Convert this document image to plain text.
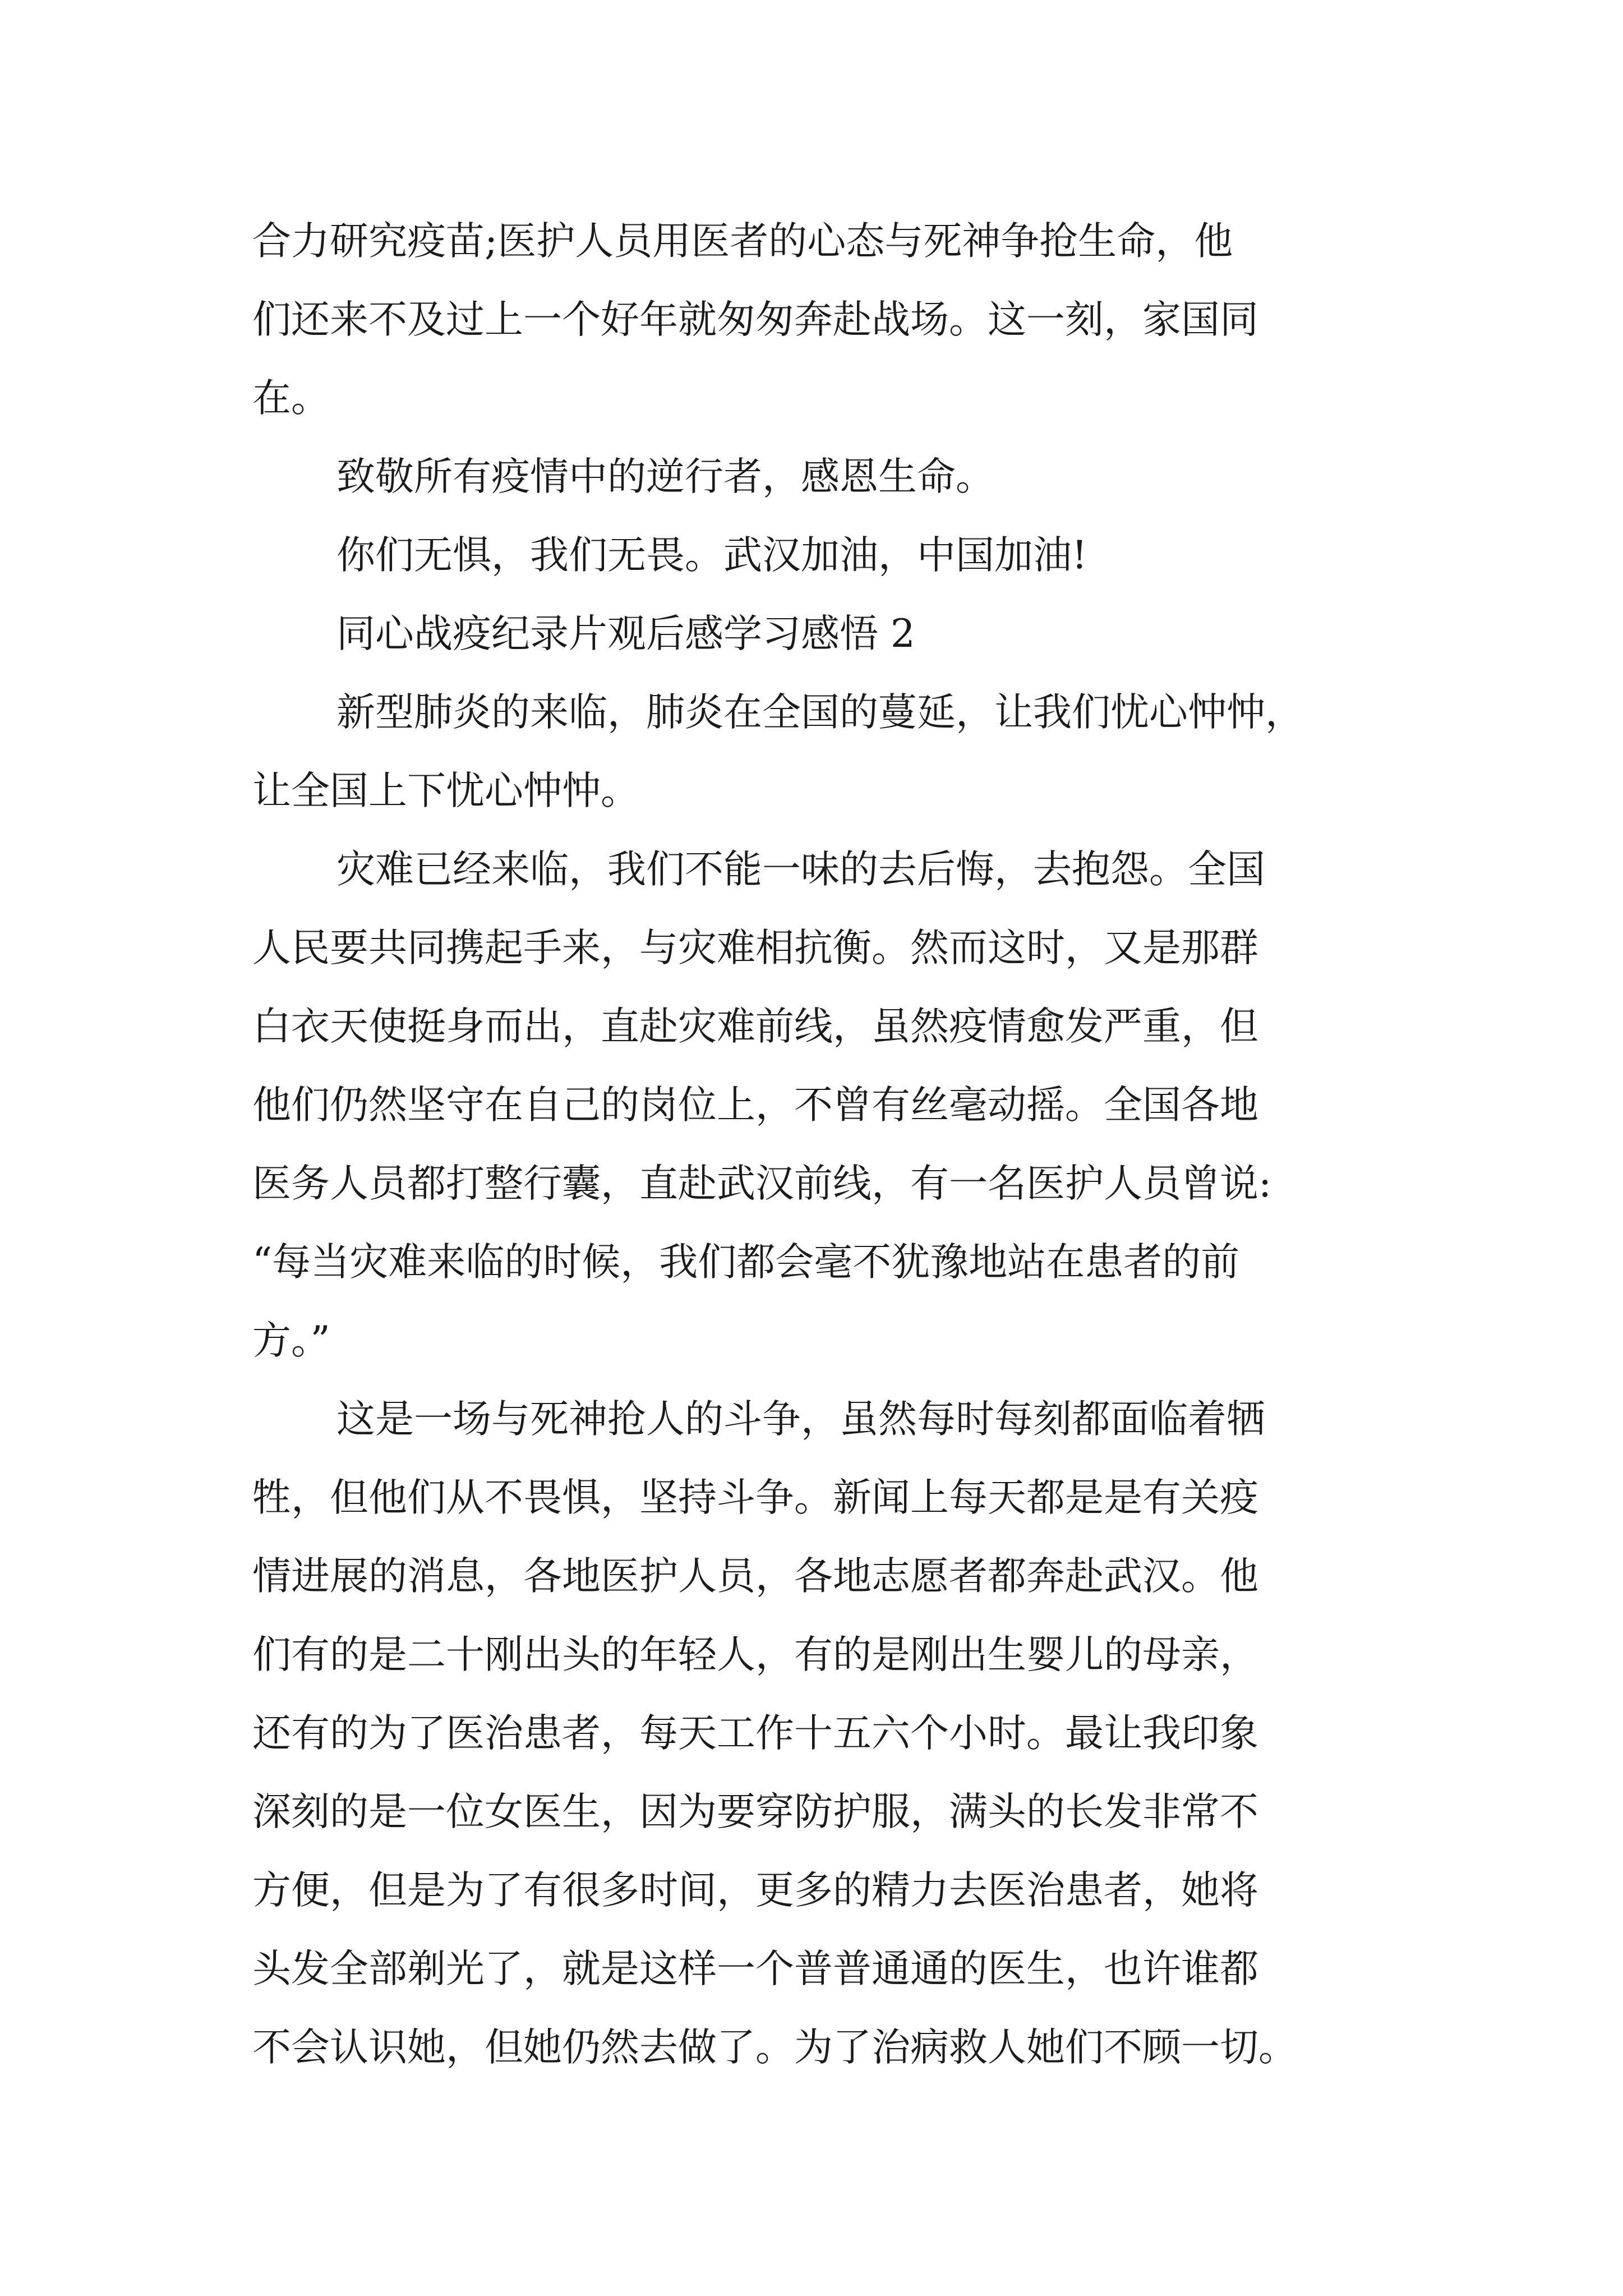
合力研究疫苗;医护人员用医者的心态与死神争抢生命，他
们还来不及过上一个好年就匆匆奔赴战场。这一刻，家国同
在。
致敬所有疫情中的逆行者，感恩生命。
你们无惧，我们无畏。武汉加油，中国加油!
同心战疫纪录片观后感学习感悟 2
新型肺炎的来临，肺炎在全国的蔓延，让我们忧心忡忡，
让全国上下忧心忡忡。
灾难已经来临，我们不能一味的去后悔，去抱怨。全国
人民要共同携起手来，与灾难相抗衡。然而这时，又是那群
白衣天使挺身而出，直赴灾难前线，虽然疫情愈发严重，但
他们仍然坚守在自己的岗位上，不曾有丝毫动摇。全国各地
医务人员都打整行囊，直赴武汉前线，有一名医护人员曾说:
“每当灾难来临的时候，我们都会毫不犹豫地站在患者的前
方。”
这是一场与死神抢人的斗争，虽然每时每刻都面临着牺
牲，但他们从不畏惧，坚持斗争。新闻上每天都是是有关疫
情进展的消息，各地医护人员，各地志愿者都奔赴武汉。他
们有的是二十刚出头的年轻人，有的是刚出生婴儿的母亲，
还有的为了医治患者，每天工作十五六个小时。最让我印象
深刻的是一位女医生，因为要穿防护服，满头的长发非常不
方便，但是为了有很多时间，更多的精力去医治患者，她将
头发全部剃光了，就是这样一个普普通通的医生，也许谁都
不会认识她，但她仍然去做了。为了治病救人她们不顾一切。
